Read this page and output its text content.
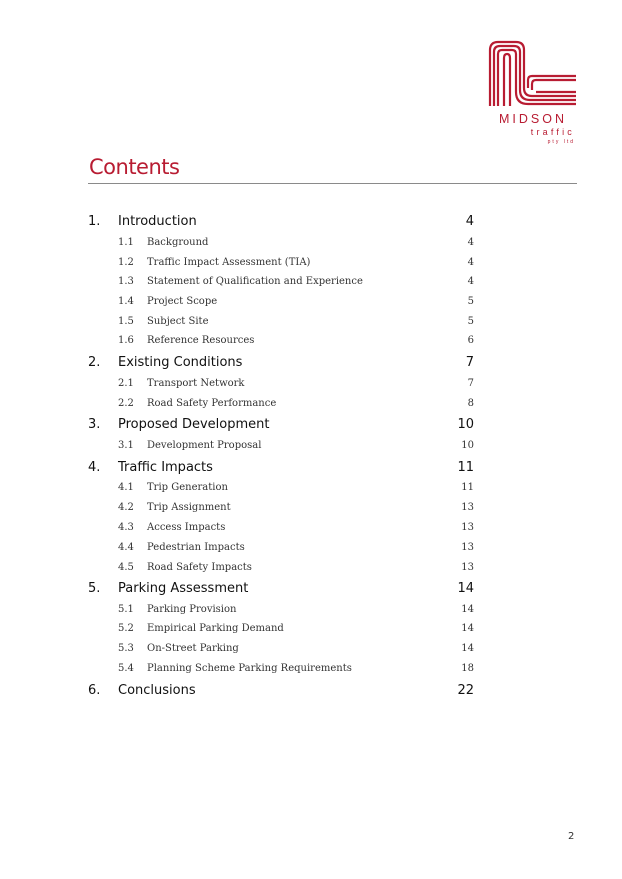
MIDSON
traffic
pty ltd
Contents
1. Introduction	4
1.1 Background	4
1.2 Traffic Impact Assessment (TIA)	4
1.3 Statement of Qualification and Experience	4
1.4 Project Scope	5
1.5 Subject Site	5
1.6 Reference Resources	6
2. Existing Conditions	7
2.1 Transport Network	7
2.2 Road Safety Performance	8
3. Proposed Development	10
3.1 Development Proposal	10
4. Traffic Impacts	11
4.1 Trip Generation	11
4.2 Trip Assignment	13
4.3 Access Impacts	13
4.4 Pedestrian Impacts	13
4.5 Road Safety Impacts	13
5. Parking Assessment	14
5.1 Parking Provision	14
5.2 Empirical Parking Demand	14
5.3 On-Street Parking	14
5.4 Planning Scheme Parking Requirements	18
6. Conclusions	22
2
